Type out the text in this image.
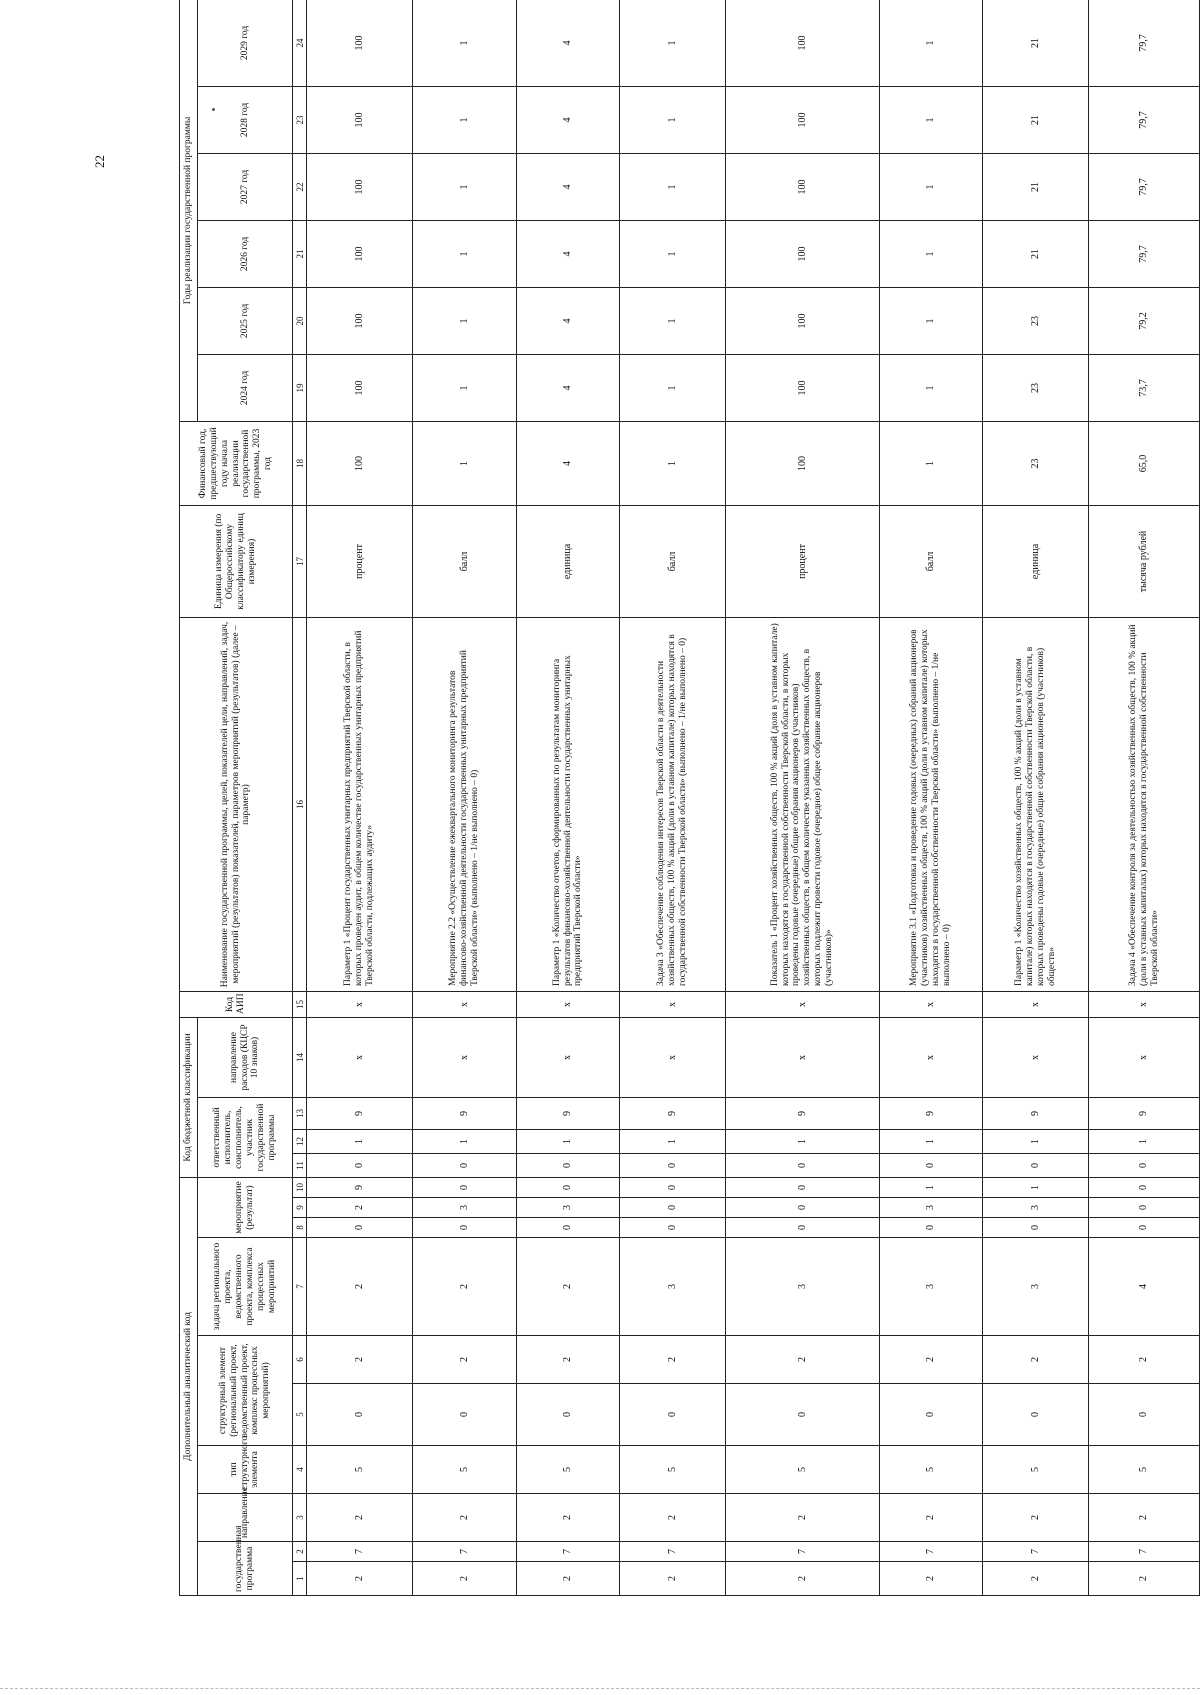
22
Дополнительный аналитический код										Код бюджетной классификации				Код АИП	Наименование государственной программы, целей, показателей цели, направлений, задач, мероприятий (результатов) показателей, параметров мероприятий (результатов) (далее – параметр)	Единица измерения (по Общероссийскому классификатору единиц измерения)	Финансовый год, предшествующий году начала реализации государственной программы, 2023 год	Годы реализации государственной программы					
государственная программа		направление	тип структурного элемента	структурный элемент (региональный проект, ведомственный проект, комплекс процессных мероприятий)		задача регионального проекта, ведомственного проекта, комплекса процессных мероприятий	мероприятие (результат)			ответственный исполнитель, соисполнитель, участник государственной программы			направление расходов (КЦСР 10 знаков)					2024 год	2025 год	2026 год	2027 год	2028 год	2029 год
1	2	3	4	5	6	7	8	9	10	11	12	13	14	15	16	17	18	19	20	21	22	23	24
2	7	2	5	0	2	2	0	2	9	0	1	9	x	x	Параметр 1 «Процент государственных унитарных предприятий Тверской области, в которых проведен аудит, в общем количестве государственных унитарных предприятий Тверской области, подлежащих аудиту»	процент	100	100	100	100	100	100	100
2	7	2	5	0	2	2	0	3	0	0	1	9	x	x	Мероприятие 2.2 «Осуществление ежеквартального мониторинга результатов финансово-хозяйственной деятельности государственных унитарных предприятий Тверской области» (выполнено – 1/не выполнено – 0)	балл	1	1	1	1	1	1	1
2	7	2	5	0	2	2	0	3	0	0	1	9	x	x	Параметр 1 «Количество отчетов, сформированных по результатам мониторинга результатов финансово-хозяйственной деятельности государственных унитарных предприятий Тверской области»	единица	4	4	4	4	4	4	4
2	7	2	5	0	2	3	0	0	0	0	1	9	x	x	Задача 3 «Обеспечение соблюдения интересов Тверской области в деятельности хозяйственных обществ, 100 % акций (доли в уставном капитале) которых находятся в государственной собственности Тверской области» (выполнено – 1/не выполнено – 0)	балл	1	1	1	1	1	1	1
2	7	2	5	0	2	3	0	0	0	0	1	9	x	x	Показатель 1 «Процент хозяйственных обществ, 100 % акций (доля в уставном капитале) которых находятся в государственной собственности Тверской области, в которых проведены годовые (очередные) общие собрания акционеров (участников) хозяйственных обществ, в общем количестве указанных хозяйственных обществ, в которых подлежит провести годовое (очередное) общее собрание акционеров (участников)»	процент	100	100	100	100	100	100	100
2	7	2	5	0	2	3	0	3	1	0	1	9	x	x	Мероприятие 3.1 «Подготовка и проведение годовых (очередных) собраний акционеров (участников) хозяйственных обществ, 100 % акций (доли в уставном капитале) которых находятся в государственной собственности Тверской области» (выполнено – 1/не выполнено – 0)	балл	1	1	1	1	1	1	1
2	7	2	5	0	2	3	0	3	1	0	1	9	x	x	Параметр 1 «Количество хозяйственных обществ, 100 % акций (доли в уставном капитале) которых находятся в государственной собственности Тверской области, в которых проведены годовые (очередные) общие собрания акционеров (участников) обществ»	единица	23	23	23	21	21	21	21
2	7	2	5	0	2	4	0	0	0	0	1	9	x	x	Задача 4 «Обеспечение контроля за деятельностью хозяйственных обществ, 100 % акций (доли в уставных капиталах) которых находятся в государственной собственности Тверской области»	тысяча рублей	65,0	73,7	79,2	79,7	79,7	79,7	79,7
